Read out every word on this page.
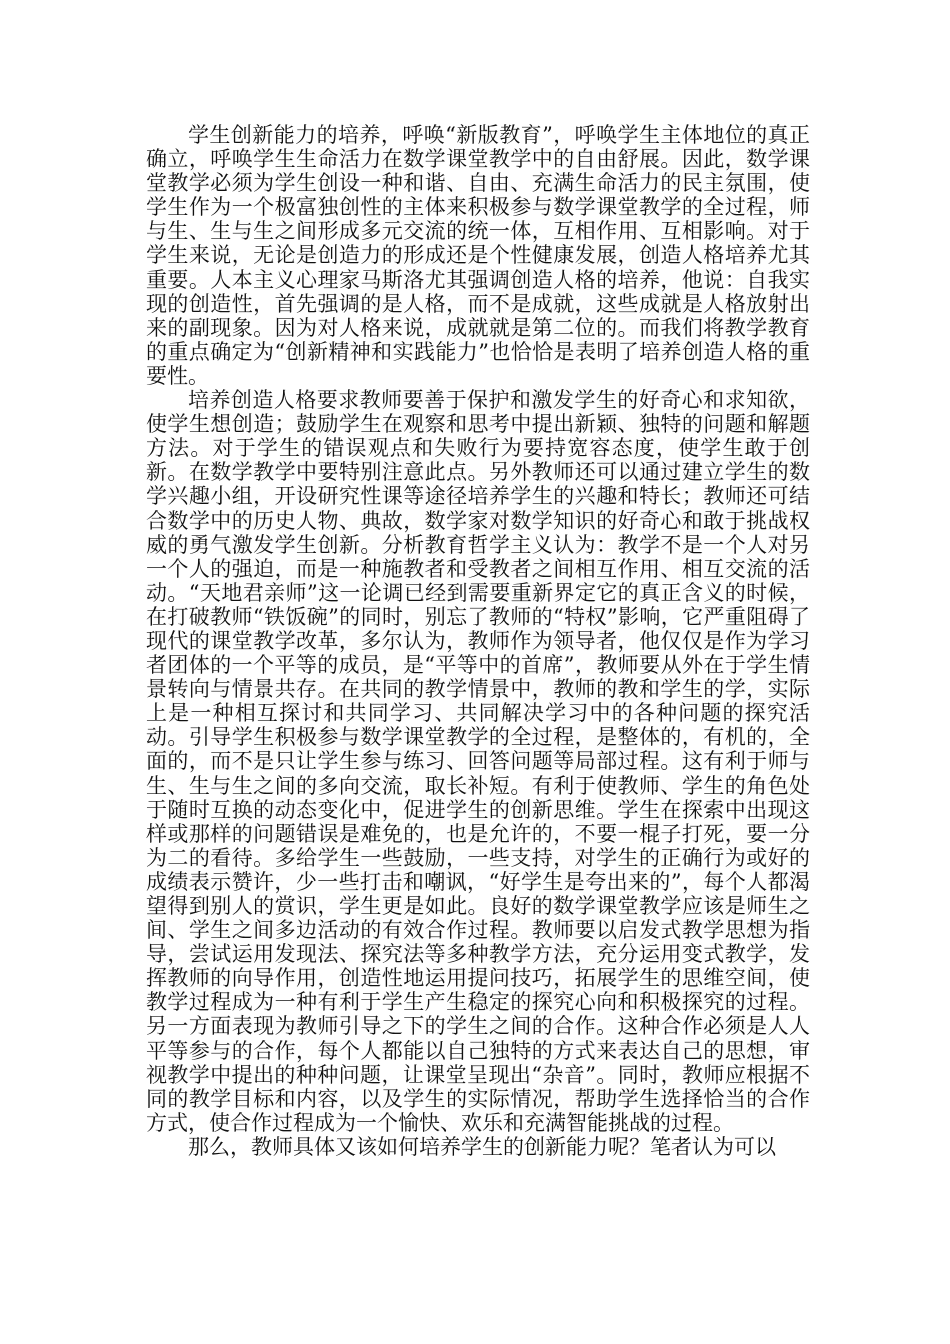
学生创新能力的培养，呼唤“新版教育”，呼唤学生主体地位的真正确立，呼唤学生生命活力在数学课堂教学中的自由舒展。因此，数学课堂教学必须为学生创设一种和谐、自由、充满生命活力的民主氛围，使学生作为一个极富独创性的主体来积极参与数学课堂教学的全过程，师与生、生与生之间形成多元交流的统一体，互相作用、互相影响。对于学生来说，无论是创造力的形成还是个性健康发展，创造人格培养尤其重要。人本主义心理家马斯洛尤其强调创造人格的培养，他说：自我实现的创造性，首先强调的是人格，而不是成就，这些成就是人格放射出来的副现象。因为对人格来说，成就就是第二位的。而我们将教学教育的重点确定为“创新精神和实践能力”也恰恰是表明了培养创造人格的重要性。

培养创造人格要求教师要善于保护和激发学生的好奇心和求知欲，使学生想创造；鼓励学生在观察和思考中提出新颖、独特的问题和解题方法。对于学生的错误观点和失败行为要持宽容态度，使学生敢于创新。在数学教学中要特别注意此点。另外教师还可以通过建立学生的数学兴趣小组，开设研究性课等途径培养学生的兴趣和特长；教师还可结合数学中的历史人物、典故，数学家对数学知识的好奇心和敢于挑战权威的勇气激发学生创新。分析教育哲学主义认为：教学不是一个人对另一个人的强迫，而是一种施教者和受教者之间相互作用、相互交流的活动。“天地君亲师”这一论调已经到需要重新界定它的真正含义的时候，在打破教师“铁饭碗”的同时，别忘了教师的“特权”影响，它严重阻碍了现代的课堂教学改革，多尔认为，教师作为领导者，他仅仅是作为学习者团体的一个平等的成员，是“平等中的首席”，教师要从外在于学生情景转向与情景共存。在共同的教学情景中，教师的教和学生的学，实际上是一种相互探讨和共同学习、共同解决学习中的各种问题的探究活动。引导学生积极参与数学课堂教学的全过程，是整体的，有机的，全面的，而不是只让学生参与练习、回答问题等局部过程。这有利于师与生、生与生之间的多向交流，取长补短。有利于使教师、学生的角色处于随时互换的动态变化中，促进学生的创新思维。学生在探索中出现这样或那样的问题错误是难免的，也是允许的，不要一棍子打死，要一分为二的看待。多给学生一些鼓励，一些支持，对学生的正确行为或好的成绩表示赞许，少一些打击和嘲讽，“好学生是夸出来的”，每个人都渴望得到别人的赏识，学生更是如此。良好的数学课堂教学应该是师生之间、学生之间多边活动的有效合作过程。教师要以启发式教学思想为指导，尝试运用发现法、探究法等多种教学方法，充分运用变式教学，发挥教师的向导作用，创造性地运用提问技巧，拓展学生的思维空间，使教学过程成为一种有利于学生产生稳定的探究心向和积极探究的过程。另一方面表现为教师引导之下的学生之间的合作。这种合作必须是人人平等参与的合作，每个人都能以自己独特的方式来表达自己的思想，审视教学中提出的种种问题，让课堂呈现出“杂音”。同时，教师应根据不同的教学目标和内容，以及学生的实际情况，帮助学生选择恰当的合作方式，使合作过程成为一个愉快、欢乐和充满智能挑战的过程。

那么，教师具体又该如何培养学生的创新能力呢？笔者认为可以
